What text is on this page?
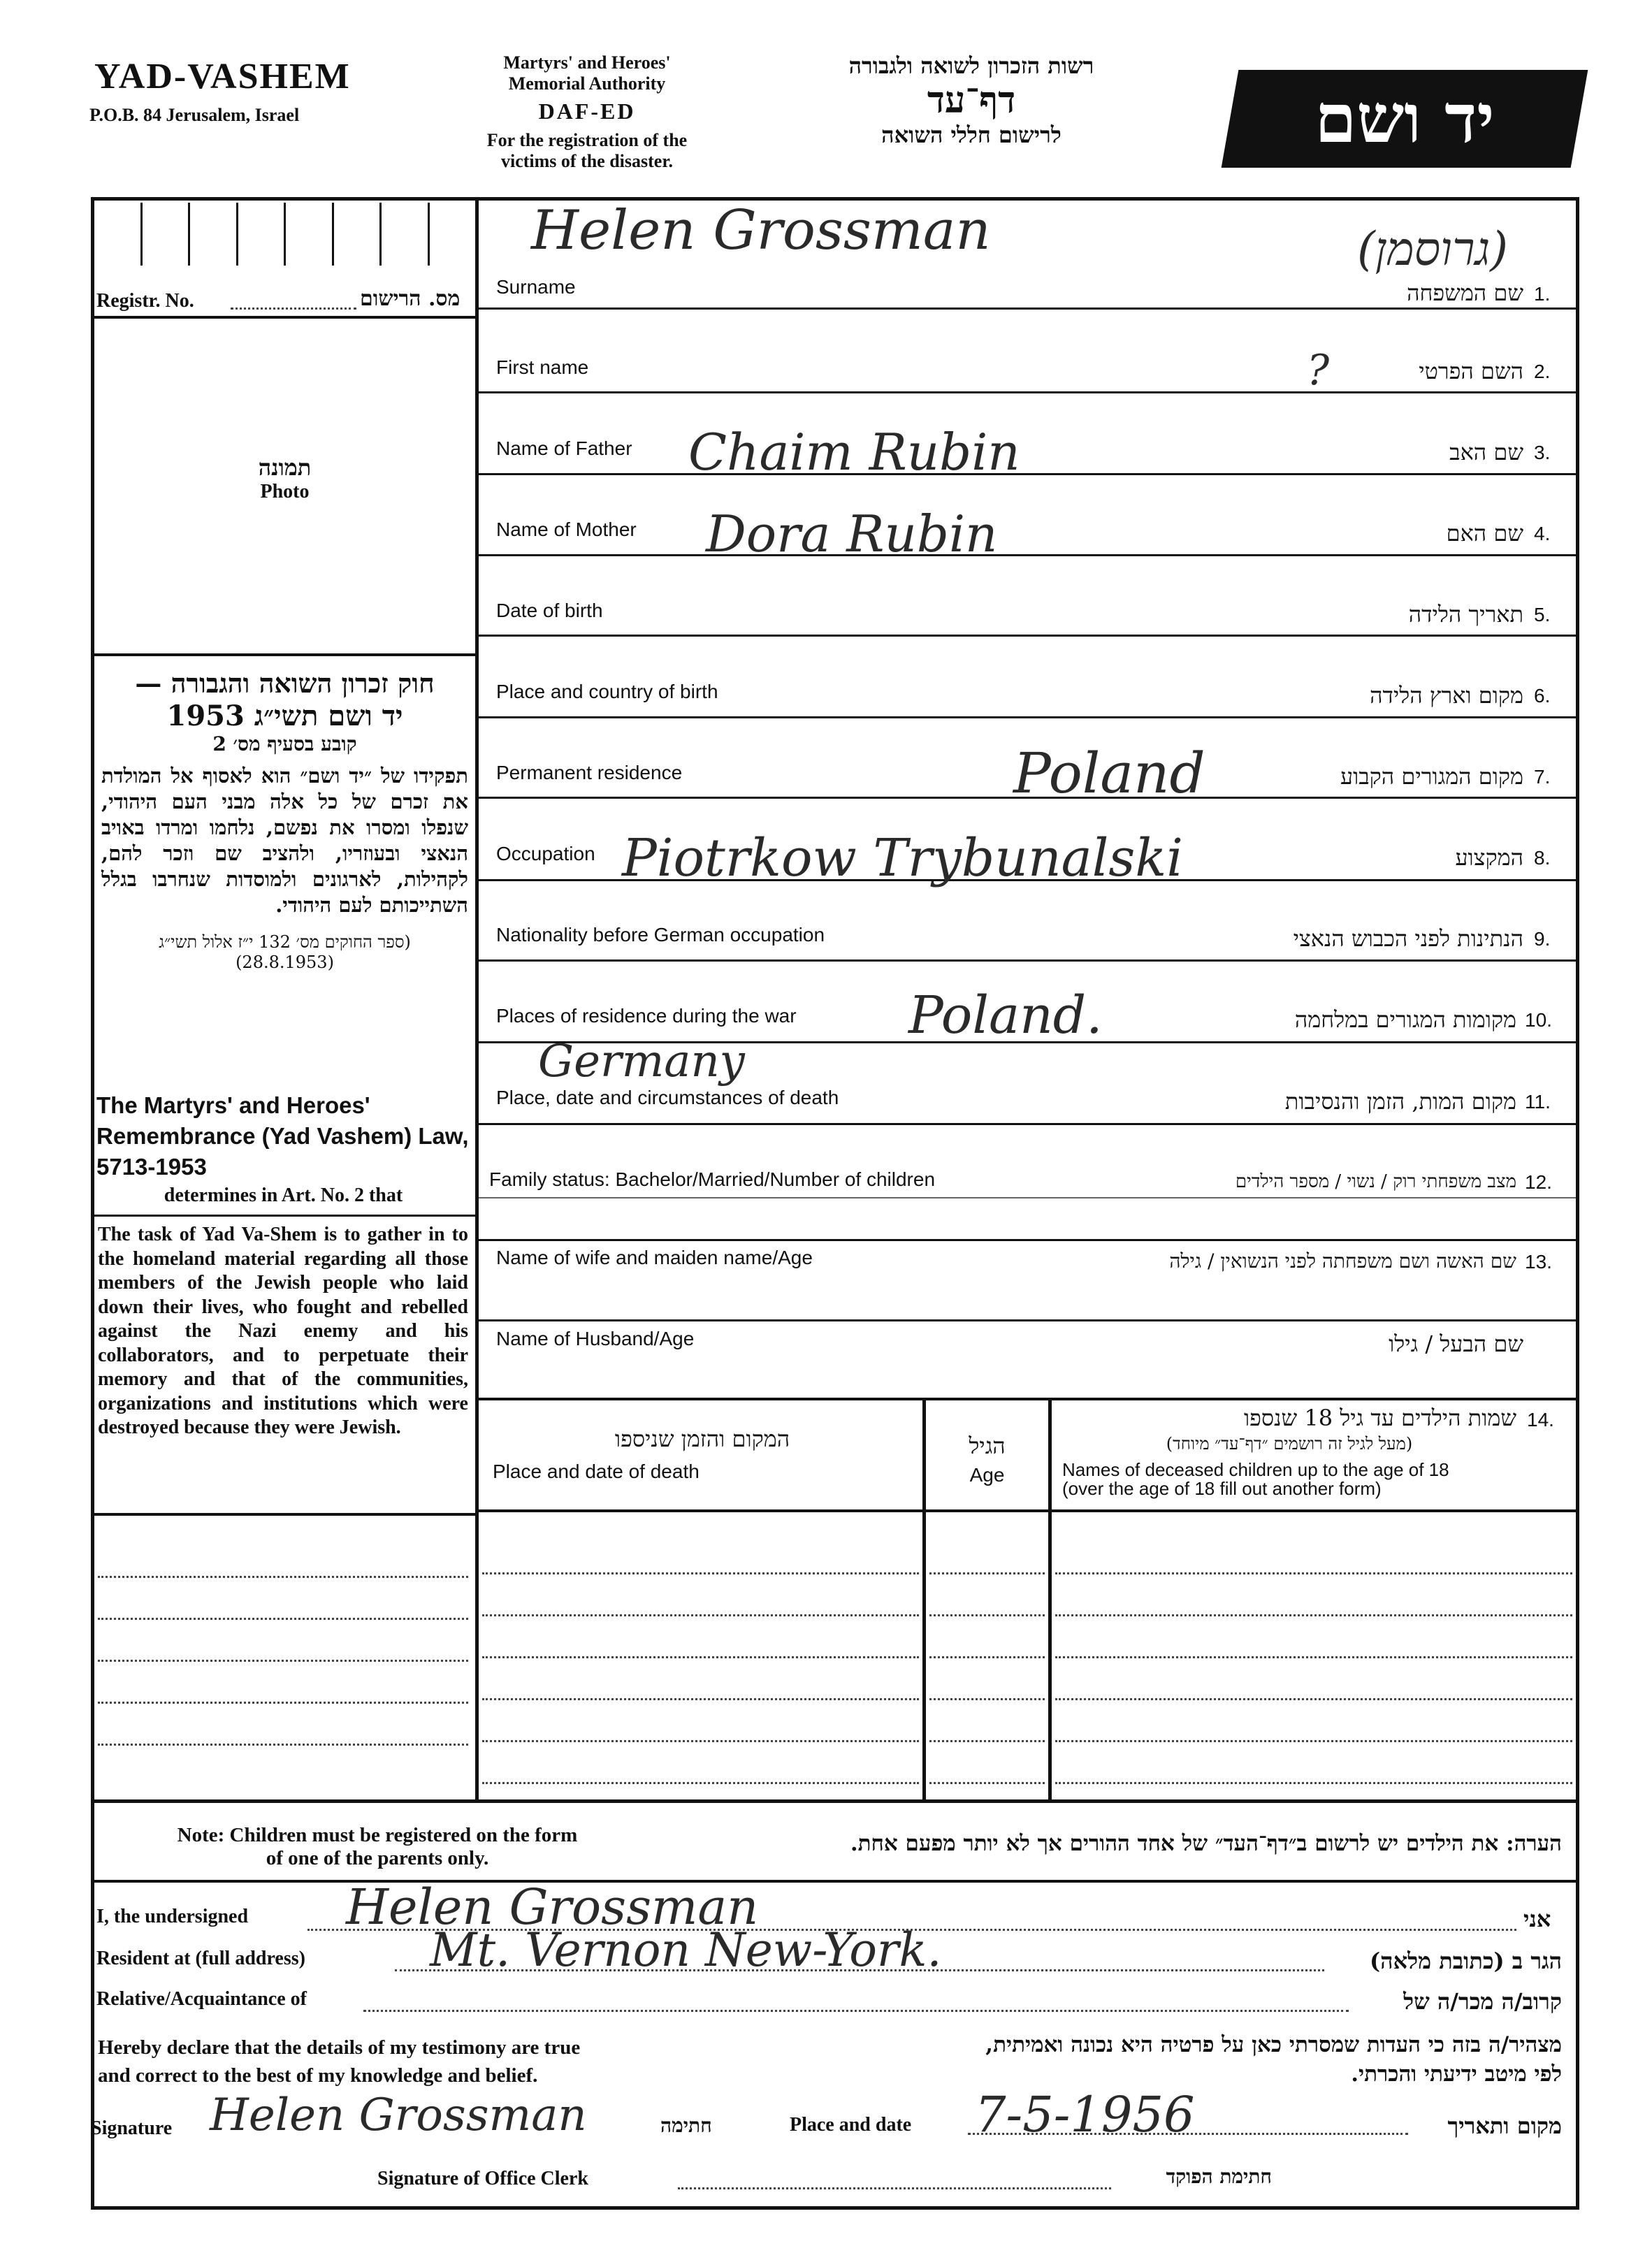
YAD-VASHEM
P.O.B. 84 Jerusalem, Israel
Martyrs' and Heroes'
Memorial Authority
DAF-ED
For the registration of the
victims of the disaster.
רשות הזכרון לשואה ולגבורה
דף־עד
לרישום חללי השואה	יד ושם
Registr. No.	מס. הרישום
תמונה
Photo
חוק זכרון השואה והגבורה —
יד ושם תשי״ג 1953
קובע בסעיף מס׳ 2
תפקידו של ״יד ושם״ הוא לאסוף אל המולדת את זכרם של כל אלה מבני העם היהודי, שנפלו ומסרו את נפשם, נלחמו ומרדו באויב הנאצי ובעוזריו, ולהציב שם וזכר להם, לקהילות, לארגונים ולמוסדות שנחרבו בגלל השתייכותם לעם היהודי.
(ספר החוקים מס׳ 132 י״ז אלול תשי״ג
(28.8.1953)
The Martyrs' and Heroes' Remembrance (Yad Vashem) Law, 5713-1953
determines in Art. No. 2 that
The task of Yad Va-Shem is to gather in to the homeland material regarding all those members of the Jewish people who laid down their lives, who fought and rebelled against the Nazi enemy and his collaborators, and to perpetuate their memory and that of the communities, organizations and institutions which were destroyed because they were Jewish.
Helen Grossman	(גרוסמן)
Surname	שם המשפחה 1.
First name	?	השם הפרטי 2.
Name of Father Chaim Rubin	שם האב 3.
Name of Mother Dora Rubin	שם האם 4.
Date of birth	תאריך הלידה 5.
Place and country of birth	מקום וארץ הלידה 6.
Permanent residence	Poland	מקום המגורים הקבוע 7.
Occupation Piotrkow Trybunalski	המקצוע 8.
Nationality before German occupation	הנתינות לפני הכבוש הנאצי 9.
Places of residence during the war Poland.
Germany
מקומות המגורים במלחמה 10.
Place, date and circumstances of death	מקום המות, הזמן והנסיבות 11.
Family status: Bachelor/Married/Number of children	מצב משפחתי רוק / נשוי / מספר הילדים 12.
Name of wife and maiden name/Age	שם האשה ושם משפחתה לפני הנשואין / גילה 13.
Name of Husband/Age	שם הבעל / גילו
המקום והזמן שניספו
Place and date of death
הגיל
Age
שמות הילדים עד גיל 18 שנספו 14.
(מעל לגיל זה רושמים ״דף־עד״ מיוחד)
Names of deceased children up to the age of 18
(over the age of 18 fill out another form)
Note: Children must be registered on the form
of one of the parents only.
הערה: את הילדים יש לרשום ב״דף־העד״ של אחד ההורים אך לא יותר מפעם אחת.
I, the undersigned Helen Grossman	אני
Resident at (full address)	Mt. Vernon New-York.	הגר ב (כתובת מלאה)
Relative/Acquaintance of	קרוב/ה מכר/ה של
Hereby declare that the details of my testimony are true
and correct to the best of my knowledge and belief.
מצהיר/ה בזה כי העדות שמסרתי כאן על פרטיה היא נכונה ואמיתית,
לפי מיטב ידיעתי והכרתי.
Signature Helen Grossman	חתימה	Place and date 7-5-1956	מקום ותאריך
Signature of Office Clerk	חתימת הפוקד
